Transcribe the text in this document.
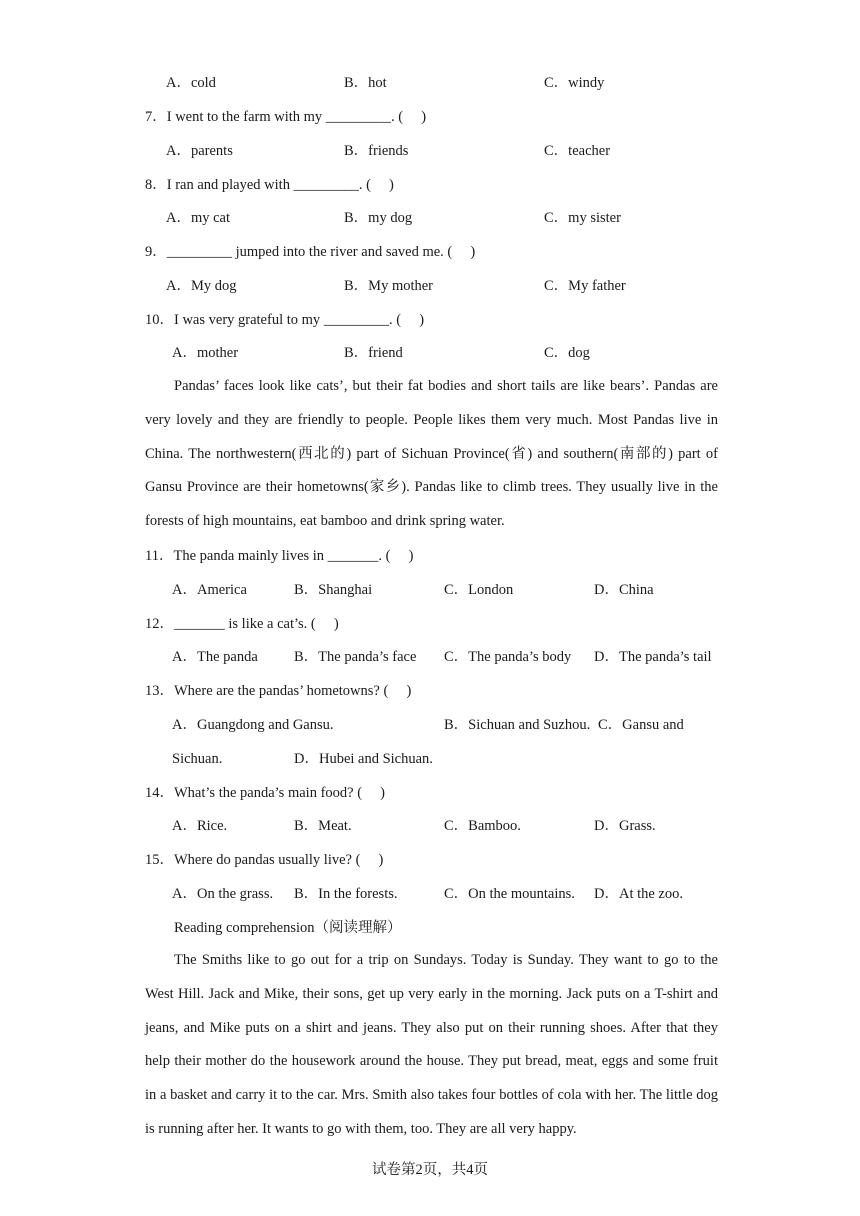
A．cold	B．hot	C．windy
7．I went to the farm with my _________. (　 )
A．parents	B．friends	C．teacher
8．I ran and played with _________. (　 )
A．my cat	B．my dog	C．my sister
9．_________ jumped into the river and saved me. (　 )
A．My dog	B．My mother	C．My father
10．I was very grateful to my _________. (　 )
A．mother	B．friend	C．dog
Pandas’ faces look like cats’, but their fat bodies and short tails are like bears’. Pandas are very lovely and they are friendly to people. People likes them very much. Most Pandas live in China. The northwestern(西北的) part of Sichuan Province(省) and southern(南部的) part of Gansu Province are their hometowns(家乡). Pandas like to climb trees. They usually live in the forests of high mountains, eat bamboo and drink spring water.
11．The panda mainly lives in _______. (　 )
A．America	B．Shanghai	C．London	D．China
12．_______ is like a cat’s. (　 )
A．The panda B．The panda’s face C．The panda’s body D．The panda’s tail
13．Where are the pandas’ hometowns? (　 )
A．Guangdong and Gansu.	B．Sichuan and Suzhou. C．Gansu and
Sichuan.	D．Hubei and Sichuan.
14．What’s the panda’s main food? (　 )
A．Rice.	B．Meat.	C．Bamboo.	D．Grass.
15．Where do pandas usually live? (　 )
A．On the grass. B．In the forests.	C．On the mountains. D．At the zoo.
Reading comprehension（阅读理解）
The Smiths like to go out for a trip on Sundays. Today is Sunday. They want to go to the West Hill. Jack and Mike, their sons, get up very early in the morning. Jack puts on a T-shirt and jeans, and Mike puts on a shirt and jeans. They also put on their running shoes. After that they help their mother do the housework around the house. They put bread, meat, eggs and some fruit in a basket and carry it to the car. Mrs. Smith also takes four bottles of cola with her. The little dog is running after her. It wants to go with them, too. They are all very happy.
试卷第2页，共4页
